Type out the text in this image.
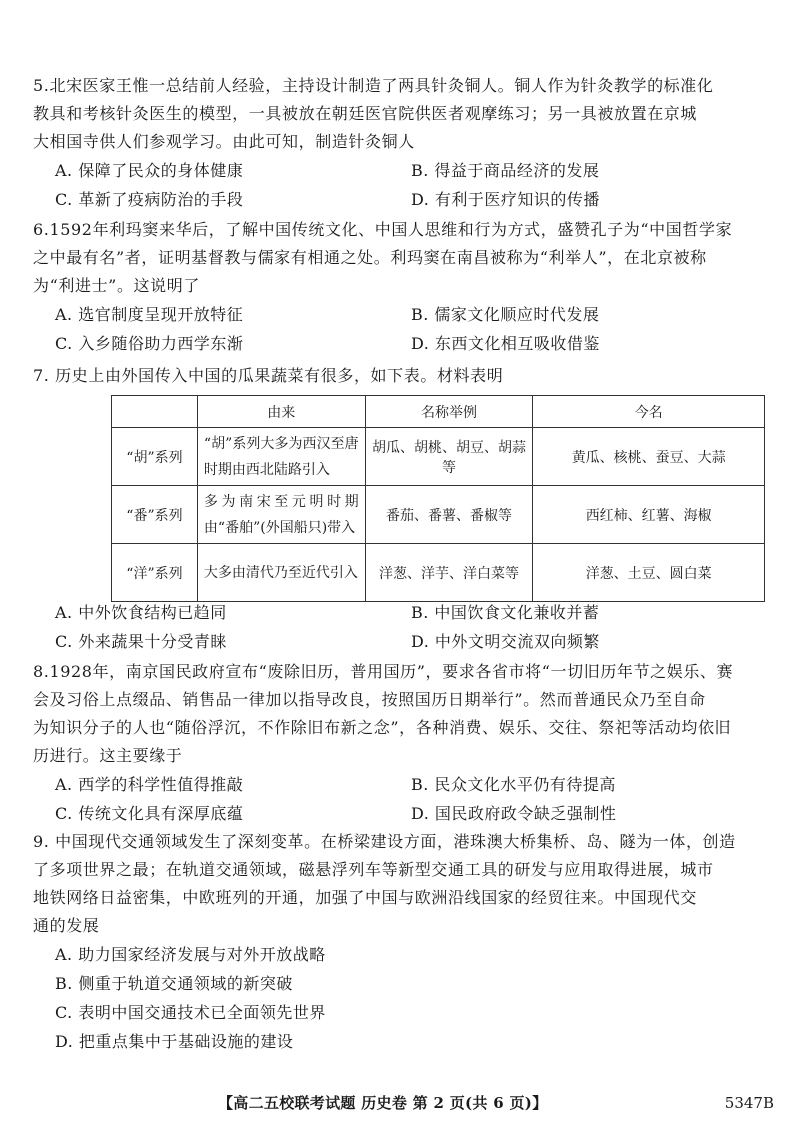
5.北宋医家王惟一总结前人经验，主持设计制造了两具针灸铜人。铜人作为针灸教学的标准化
教具和考核针灸医生的模型，一具被放在朝廷医官院供医者观摩练习；另一具被放置在京城
大相国寺供人们参观学习。由此可知，制造针灸铜人
A. 保障了民众的身体健康	B. 得益于商品经济的发展
C. 革新了疫病防治的手段	D. 有利于医疗知识的传播
6.1592年利玛窦来华后，了解中国传统文化、中国人思维和行为方式，盛赞孔子为“中国哲学家
之中最有名”者，证明基督教与儒家有相通之处。利玛窦在南昌被称为“利举人”，在北京被称
为“利进士”。这说明了
A. 选官制度呈现开放特征	B. 儒家文化顺应时代发展
C. 入乡随俗助力西学东渐	D. 东西文化相互吸收借鉴
7. 历史上由外国传入中国的瓜果蔬菜有很多，如下表。材料表明
	由来	名称举例	今名
“胡”系列	“胡”系列大多为西汉至唐时期由西北陆路引入	胡瓜、胡桃、胡豆、胡蒜等	黄瓜、核桃、蚕豆、大蒜
“番”系列	多为南宋至元明时期由“番舶”(外国船只)带入	番茄、番薯、番椒等	西红柿、红薯、海椒
“洋”系列	大多由清代乃至近代引入	洋葱、洋芋、洋白菜等	洋葱、土豆、圆白菜
A. 中外饮食结构已趋同	B. 中国饮食文化兼收并蓄
C. 外来蔬果十分受青睐	D. 中外文明交流双向频繁
8.1928年，南京国民政府宣布“废除旧历，普用国历”，要求各省市将“一切旧历年节之娱乐、赛
会及习俗上点缀品、销售品一律加以指导改良，按照国历日期举行”。然而普通民众乃至自命
为知识分子的人也“随俗浮沉，不作除旧布新之念”，各种消费、娱乐、交往、祭祀等活动均依旧
历进行。这主要缘于
A. 西学的科学性值得推敲	B. 民众文化水平仍有待提高
C. 传统文化具有深厚底蕴	D. 国民政府政令缺乏强制性
9. 中国现代交通领域发生了深刻变革。在桥梁建设方面，港珠澳大桥集桥、岛、隧为一体，创造
了多项世界之最；在轨道交通领域，磁悬浮列车等新型交通工具的研发与应用取得进展，城市
地铁网络日益密集，中欧班列的开通，加强了中国与欧洲沿线国家的经贸往来。中国现代交
通的发展
A. 助力国家经济发展与对外开放战略
B. 侧重于轨道交通领域的新突破
C. 表明中国交通技术已全面领先世界
D. 把重点集中于基础设施的建设
【高二五校联考试题 历史卷 第 2 页(共 6 页)】	5347B
